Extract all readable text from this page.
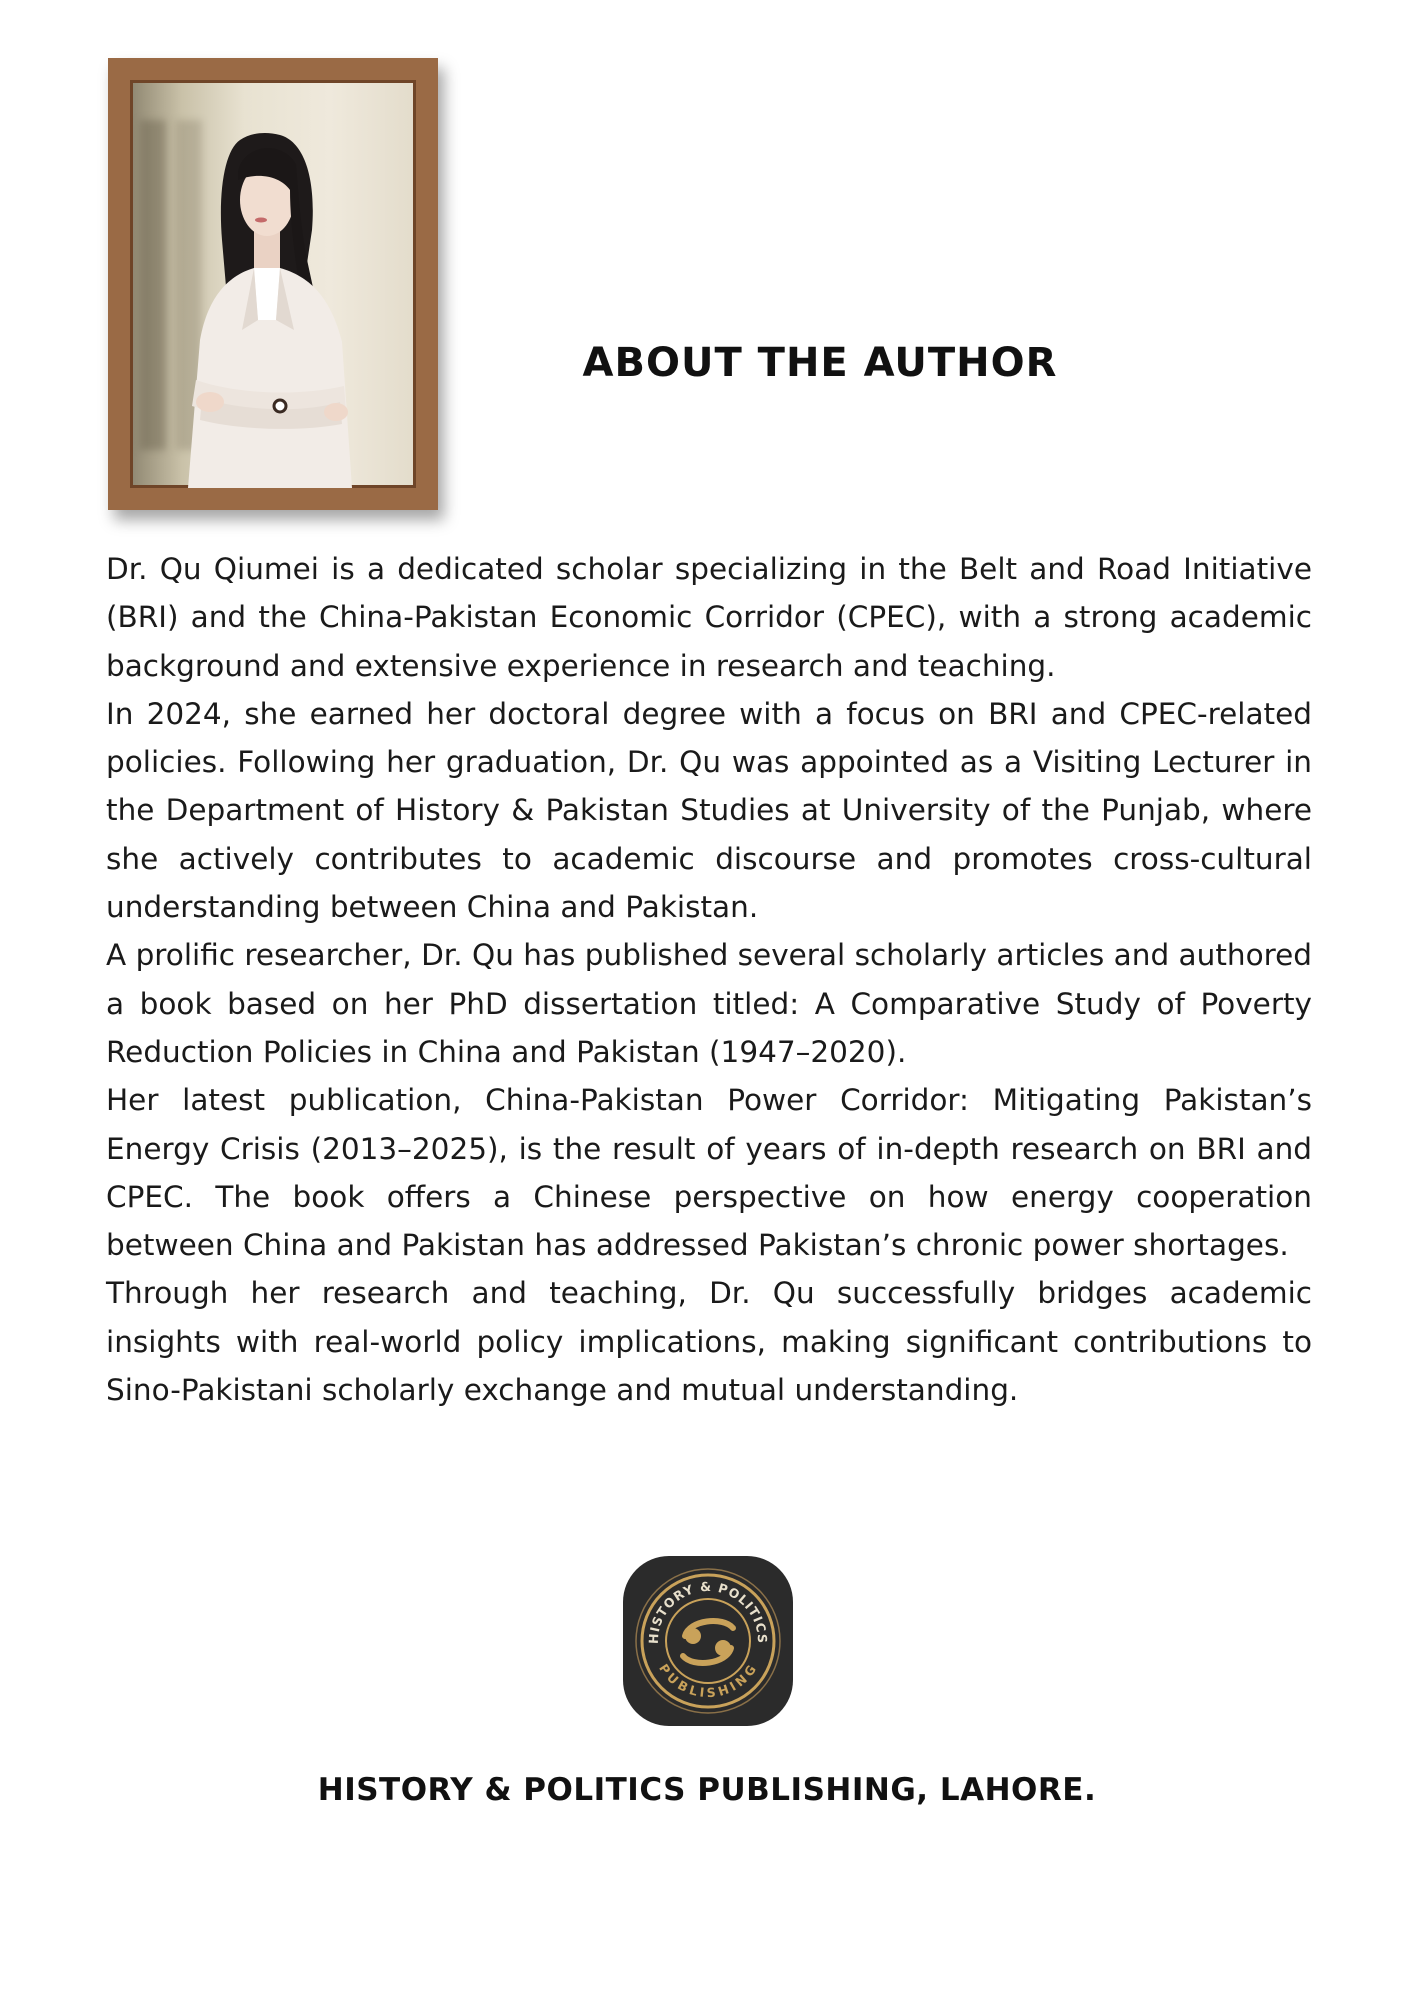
ABOUT THE AUTHOR

Dr. Qu Qiumei is a dedicated scholar specializing in the Belt and Road Initiative (BRI) and the China-Pakistan Economic Corridor (CPEC), with a strong academic background and extensive experience in research and teaching.

In 2024, she earned her doctoral degree with a focus on BRI and CPEC-related policies. Following her graduation, Dr. Qu was appointed as a Visiting Lecturer in the Department of History & Pakistan Studies at University of the Punjab, where she actively contributes to academic discourse and promotes cross-cultural understanding between China and Pakistan.

A prolific researcher, Dr. Qu has published several scholarly articles and authored a book based on her PhD dissertation titled: A Comparative Study of Poverty Reduction Policies in China and Pakistan (1947–2020).

Her latest publication, China-Pakistan Power Corridor: Mitigating Pakistan’s Energy Crisis (2013–2025), is the result of years of in-depth research on BRI and CPEC. The book offers a Chinese perspective on how energy cooperation between China and Pakistan has addressed Pakistan’s chronic power shortages.

Through her research and teaching, Dr. Qu successfully bridges academic insights with real-world policy implications, making significant contributions to Sino-Pakistani scholarly exchange and mutual understanding.

HISTORY & POLITICS
PUBLISHING
HISTORY & POLITICS PUBLISHING, LAHORE.
